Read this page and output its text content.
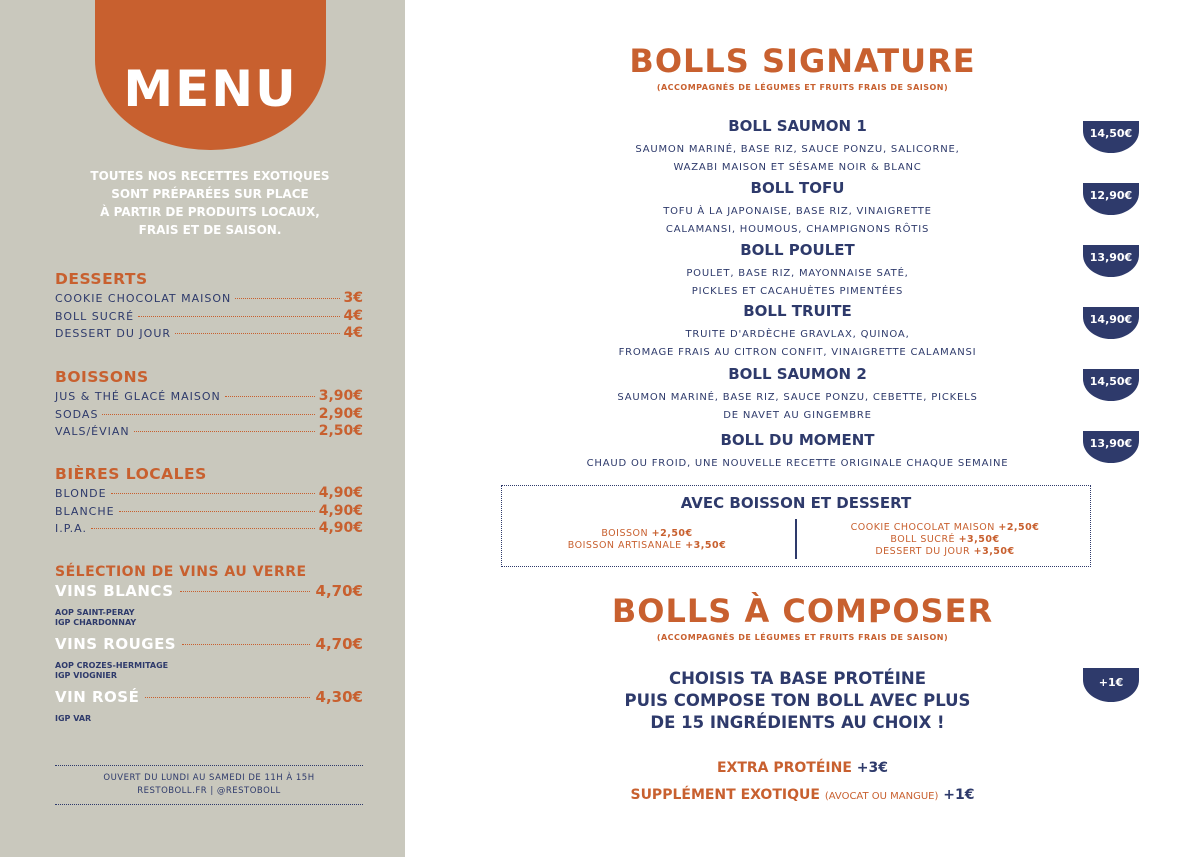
MENU
TOUTES NOS RECETTES EXOTIQUES
SONT PRÉPARÉES SUR PLACE
À PARTIR DE PRODUITS LOCAUX,
FRAIS ET DE SAISON.
DESSERTS
COOKIE CHOCOLAT MAISON	3€
BOLL SUCRÉ	4€
DESSERT DU JOUR	4€
BOISSONS
JUS & THÉ GLACÉ MAISON	3,90€
SODAS	2,90€
VALS/ÉVIAN	2,50€
BIÈRES LOCALES
BLONDE	4,90€
BLANCHE	4,90€
I.P.A.	4,90€
SÉLECTION DE VINS AU VERRE
VINS BLANCS	4,70€
AOP SAINT-PERAY
IGP CHARDONNAY
VINS ROUGES	4,70€
AOP CROZES-HERMITAGE
IGP VIOGNIER
VIN ROSÉ	4,30€
IGP VAR
OUVERT DU LUNDI AU SAMEDI DE 11H À 15H
RESTOBOLL.FR | @RESTOBOLL
BOLLS SIGNATURE
(ACCOMPAGNÉS DE LÉGUMES ET FRUITS FRAIS DE SAISON)
BOLL SAUMON 1

SAUMON MARINÉ, BASE RIZ, SAUCE PONZU, SALICORNE,

WAZABI MAISON ET SÉSAME NOIR & BLANC

14,50€
BOLL TOFU

TOFU À LA JAPONAISE, BASE RIZ, VINAIGRETTE

CALAMANSI, HOUMOUS, CHAMPIGNONS RÔTIS

12,90€
BOLL POULET

POULET, BASE RIZ, MAYONNAISE SATÉ,

PICKLES ET CACAHUÈTES PIMENTÉES

13,90€
BOLL TRUITE

TRUITE D'ARDÈCHE GRAVLAX, QUINOA,

FROMAGE FRAIS AU CITRON CONFIT, VINAIGRETTE CALAMANSI

14,90€
BOLL SAUMON 2

SAUMON MARINÉ, BASE RIZ, SAUCE PONZU, CEBETTE, PICKELS

DE NAVET AU GINGEMBRE

14,50€
BOLL DU MOMENT

CHAUD OU FROID, UNE NOUVELLE RECETTE ORIGINALE CHAQUE SEMAINE

13,90€
AVEC BOISSON ET DESSERT
BOISSON +2,50€
BOISSON ARTISANALE +3,50€
COOKIE CHOCOLAT MAISON +2,50€
BOLL SUCRÉ +3,50€
DESSERT DU JOUR +3,50€
BOLLS À COMPOSER
(ACCOMPAGNÉS DE LÉGUMES ET FRUITS FRAIS DE SAISON)
CHOISIS TA BASE PROTÉINE
PUIS COMPOSE TON BOLL AVEC PLUS
DE 15 INGRÉDIENTS AU CHOIX !
+1€
EXTRA PROTÉINE +3€
SUPPLÉMENT EXOTIQUE (AVOCAT OU MANGUE) +1€
